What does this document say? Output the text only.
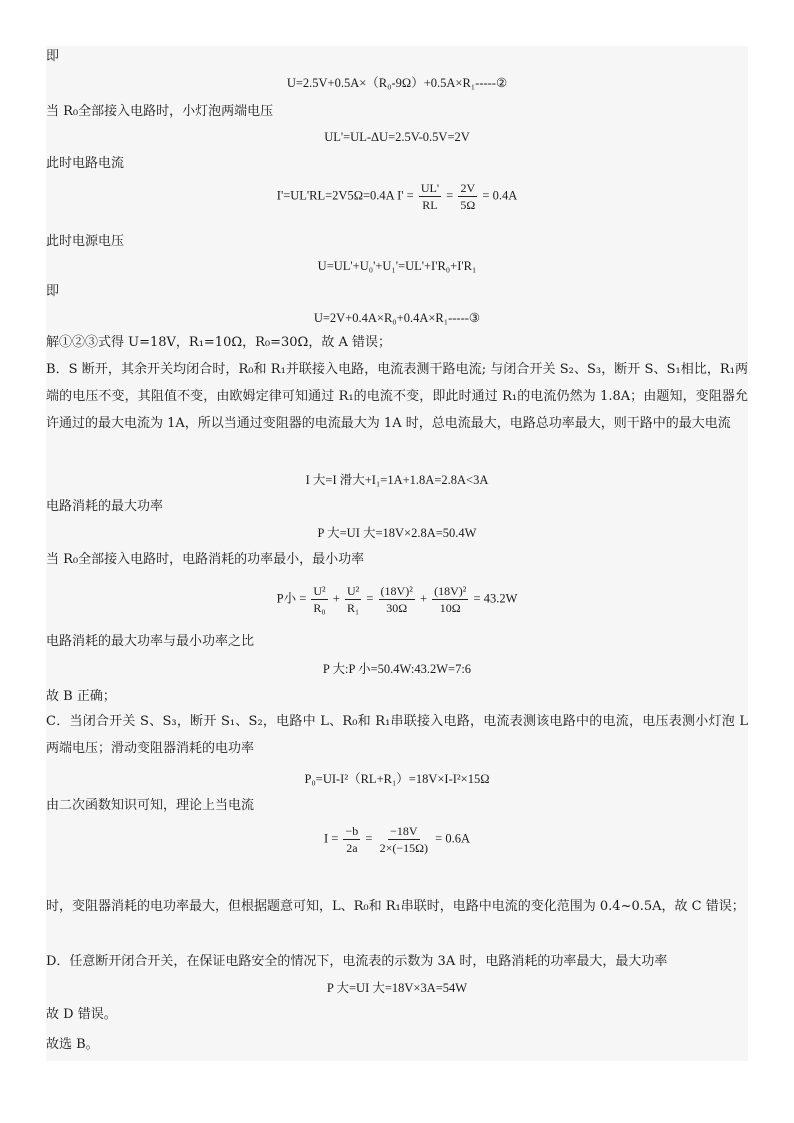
即
U=2.5V+0.5A×（R₀-9Ω）+0.5A×R₁-----②
当 R₀全部接入电路时，小灯泡两端电压
UL'=UL-ΔU=2.5V-0.5V=2V
此时电路电流
I'=UL'RL=2V5Ω=0.4A $I' = \frac{UL'}{RL} = \frac{2V}{5\Omega} = 0.4A$
此时电源电压
U=UL'+U₀'+U₁'=UL'+I'R₀+I'R₁
即
U=2V+0.4A×R₀+0.4A×R₁-----③
解①②③式得 U=18V，R₁=10Ω，R₀=30Ω，故 A 错误；
B．S 断开，其余开关均闭合时，R₀和 R₁并联接入电路，电流表测干路电流; 与闭合开关 S₂、S₃，断开 S、S₁相比，R₁两端的电压不变，其阻值不变，由欧姆定律可知通过 R₁的电流不变，即此时通过 R₁的电流仍然为 1.8A；由题知，变阻器允许通过的最大电流为 1A，所以当通过变阻器的电流最大为 1A 时，总电流最大，电路总功率最大，则干路中的最大电流
I 大=I 滑大+I₁=1A+1.8A=2.8A<3A
电路消耗的最大功率
P 大=UI 大=18V×2.8A=50.4W
当 R₀全部接入电路时，电路消耗的功率最小，最小功率
P小 = $\frac{\text{U²}}{\text{R₀}} + \frac{\text{U²}}{\text{R₁}} = \frac{\text{(18V)²}}{30\Omega} + \frac{\text{(18V)²}}{10\Omega} = 43.2W$
电路消耗的最大功率与最小功率之比
P 大:P 小=50.4W:43.2W=7:6
故 B 正确；
C．当闭合开关 S、S₃，断开 S₁、S₂，电路中 L、R₀和 R₁串联接入电路，电流表测该电路中的电流，电压表测小灯泡 L 两端电压；滑动变阻器消耗的电功率
P₀=UI-I²（RL+R₁）=18V×I-I²×15Ω
由二次函数知识可知，理论上当电流
$I = \frac{-b}{2a} = \frac{-18V}{2\times(-15\Omega)} = 0.6A$
时，变阻器消耗的电功率最大，但根据题意可知，L、R₀和 R₁串联时，电路中电流的变化范围为 0.4~0.5A，故 C 错误；
D．任意断开闭合开关，在保证电路安全的情况下，电流表的示数为 3A 时，电路消耗的功率最大，最大功率
P 大=UI 大=18V×3A=54W
故 D 错误。
故选 B。
